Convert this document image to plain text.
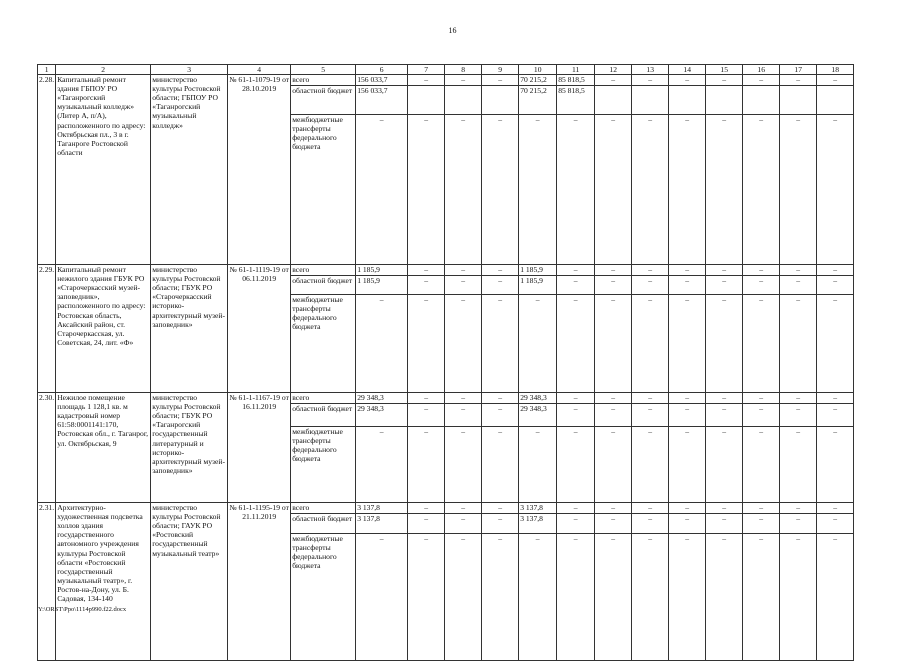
16
1	2	3	4	5	6	7	8	9	10	11	12	13	14	15	16	17	18
2.28.	Капитальный ремонт здания ГБПОУ РО «Таганрогский музыкальный колледж» (Литер А, п/А), расположенного по адресу: Октябрьская пл., 3 в г. Таганроге Ростовской области	министерство культуры Ростовской области; ГБПОУ РО «Таганрогский музыкальный колледж»	№ 61-1-1079-19 от 28.10.2019	всего	156 033,7	–	–	–	70 215,2	85 818,5	–	–	–	–	–	–	–
				областной бюджет	156 033,7				70 215,2	85 818,5							
				межбюджетные трансферты федерального бюджета	–	–	–	–	–	–	–	–	–	–	–	–	–
2.29.	Капитальный ремонт нежилого здания ГБУК РО «Старочеркасский музей-заповедник», расположенного по адресу: Ростовская область, Аксайский район, ст. Старочеркасская, ул. Советская, 24, лит. «Ф»	министерство культуры Ростовской области; ГБУК РО «Старочеркасский историко-архитектурный музей-заповедник»	№ 61-1-1119-19 от 06.11.2019	всего	1 185,9	–	–	–	1 185,9	–	–	–	–	–	–	–	–
				областной бюджет	1 185,9	–	–	–	1 185,9	–	–	–	–	–	–	–	–
				межбюджетные трансферты федерального бюджета	–	–	–	–	–	–	–	–	–	–	–	–	–
2.30.	Нежилое помещение площадь 1 128,1 кв. м кадастровый номер 61:58:0001141:170, Ростовская обл., г. Таганрог, ул. Октябрьская, 9	министерство культуры Ростовской области; ГБУК РО «Таганрогский государственный литературный и историко-архитектурный музей-заповедник»	№ 61-1-1167-19 от 16.11.2019	всего	29 348,3	–	–	–	29 348,3	–	–	–	–	–	–	–	–
				областной бюджет	29 348,3	–	–	–	29 348,3	–	–	–	–	–	–	–	–
				межбюджетные трансферты федерального бюджета	–	–	–	–	–	–	–	–	–	–	–	–	–
2.31.	Архитектурно-художественная подсветка холлов здания государственного автономного учреждения культуры Ростовской области «Ростовский государственный музыкальный театр», г. Ростов-на-Дону, ул. Б. Садовая, 134-140	министерство культуры Ростовской области; ГАУК РО «Ростовский государственный музыкальный театр»	№ 61-1-1195-19 от 21.11.2019	всего	3 137,8	–	–	–	3 137,8	–	–	–	–	–	–	–	–
				областной бюджет	3 137,8	–	–	–	3 137,8	–	–	–	–	–	–	–	–
				межбюджетные трансферты федерального бюджета	–	–	–	–	–	–	–	–	–	–	–	–	–
Y:\ORST\Ppo\1114p990.f22.docx
